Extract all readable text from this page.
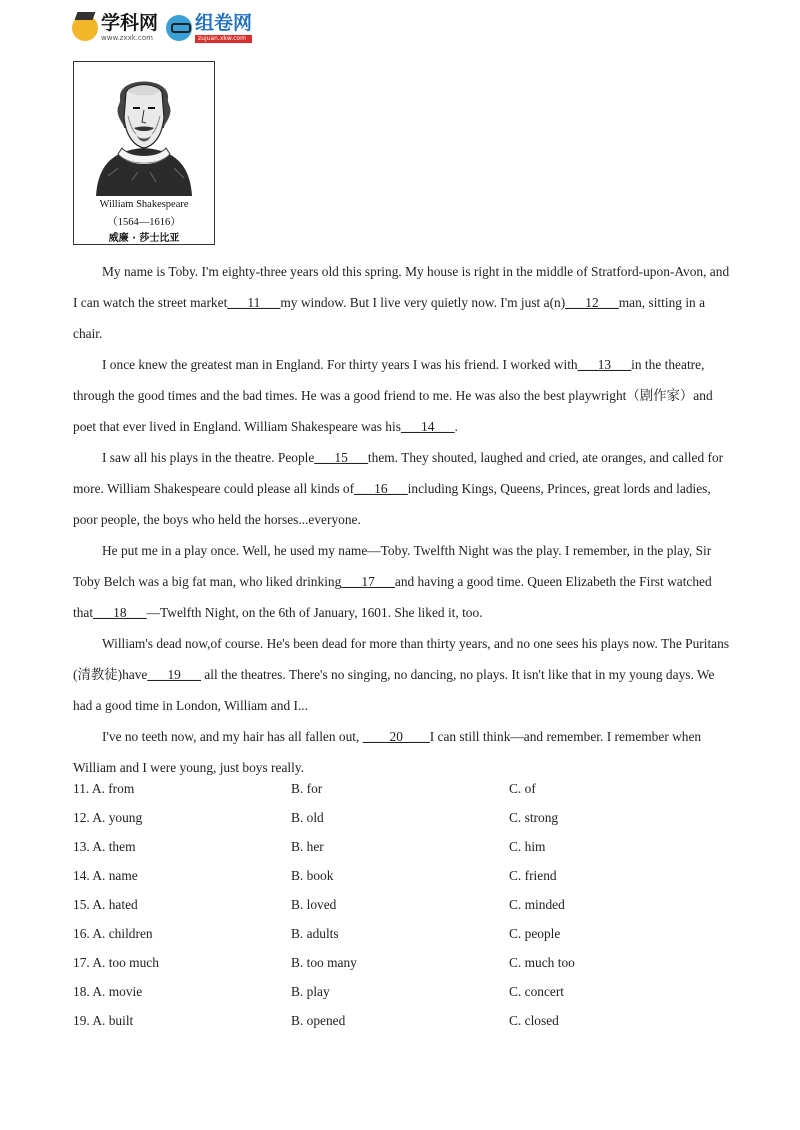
学科网
www.zxxk.com
组卷网
zujuan.xkw.com
William Shakespeare
（1564—1616）
威廉 · 莎士比亚

My name is Toby. I'm eighty-three years old this spring. My house is right in the middle of Stratford-upon-Avon, and I can watch the street market___11___my window. But I live very quietly now. I'm just a(n)___12___man, sitting in a chair.

I once knew the greatest man in England. For thirty years I was his friend. I worked with___13___in the theatre, through the good times and the bad times. He was a good friend to me. He was also the best playwright（剧作家）and poet that ever lived in England. William Shakespeare was his___14___.

I saw all his plays in the theatre. People___15___them. They shouted, laughed and cried, ate oranges, and called for more. William Shakespeare could please all kinds of___16___including Kings, Queens, Princes, great lords and ladies, poor people, the boys who held the horses...everyone.

He put me in a play once. Well, he used my name—Toby. Twelfth Night was the play. I remember, in the play, Sir Toby Belch was a big fat man, who liked drinking___17___and having a good time. Queen Elizabeth the First watched that___18___—Twelfth Night, on the 6th of January, 1601. She liked it, too.

William's dead now,of course. He's been dead for more than thirty years, and no one sees his plays now. The Puritans (清教徒)have___19___ all the theatres. There's no singing, no dancing, no plays. It isn't like that in my young days. We had a good time in London, William and I...

I've no teeth now, and my hair has all fallen out, ____20____I can still think—and remember. I remember when William and I were young, just boys really.

11. A. from	B. for	C. of
12. A. young	B. old	C. strong
13. A. them	B. her	C. him
14. A. name	B. book	C. friend
15. A. hated	B. loved	C. minded
16. A. children	B. adults	C. people
17. A. too much	B. too many	C. much too
18. A. movie	B. play	C. concert
19. A. built	B. opened	C. closed
